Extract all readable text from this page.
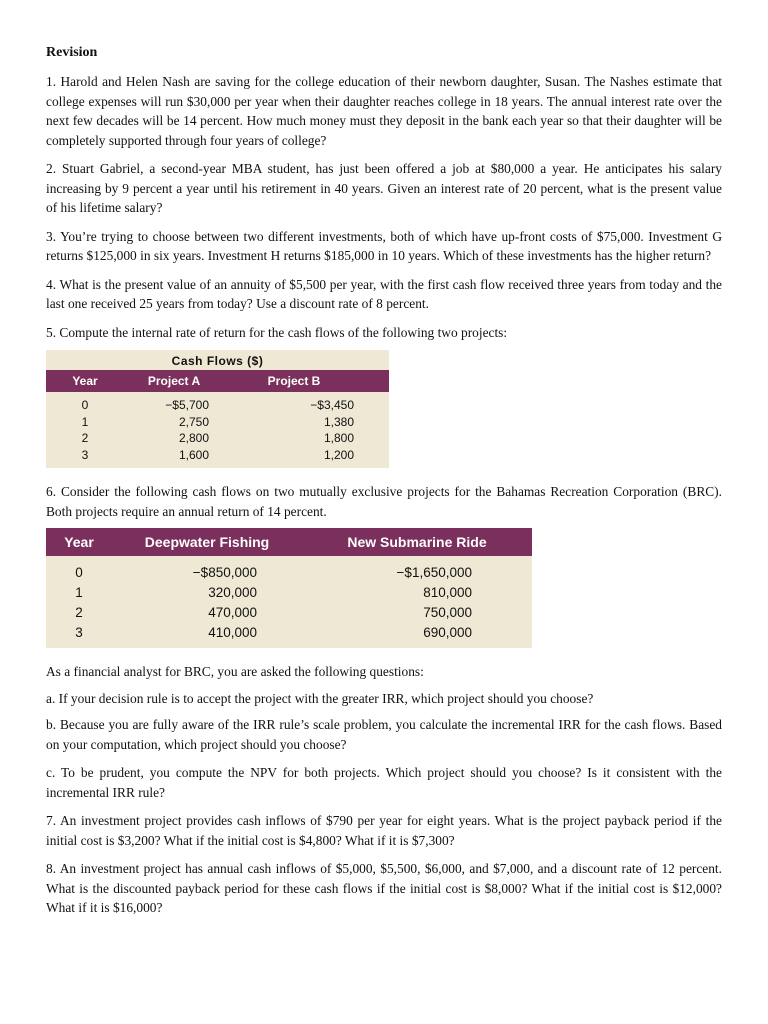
Revision

1. Harold and Helen Nash are saving for the college education of their newborn daughter, Susan. The Nashes estimate that college expenses will run $30,000 per year when their daughter reaches college in 18 years. The annual interest rate over the next few decades will be 14 percent. How much money must they deposit in the bank each year so that their daughter will be completely supported through four years of college?

2. Stuart Gabriel, a second-year MBA student, has just been offered a job at $80,000 a year. He anticipates his salary increasing by 9 percent a year until his retirement in 40 years. Given an interest rate of 20 percent, what is the present value of his lifetime salary?

3. You’re trying to choose between two different investments, both of which have up-front costs of $75,000. Investment G returns $125,000 in six years. Investment H returns $185,000 in 10 years. Which of these investments has the higher return?

4. What is the present value of an annuity of $5,500 per year, with the first cash flow received three years from today and the last one received 25 years from today? Use a discount rate of 8 percent.

5. Compute the internal rate of return for the cash flows of the following two projects:

Cash Flows ($)
Year	Project A	Project B
0	−$5,700	−$3,450
1	2,750	1,380
2	2,800	1,800
3	1,600	1,200

6. Consider the following cash flows on two mutually exclusive projects for the Bahamas Recreation Corporation (BRC). Both projects require an annual return of 14 percent.

Year	Deepwater Fishing	New Submarine Ride
0	−$850,000	−$1,650,000
1	320,000	810,000
2	470,000	750,000
3	410,000	690,000

As a financial analyst for BRC, you are asked the following questions:

a. If your decision rule is to accept the project with the greater IRR, which project should you choose?

b. Because you are fully aware of the IRR rule’s scale problem, you calculate the incremental IRR for the cash flows. Based on your computation, which project should you choose?

c. To be prudent, you compute the NPV for both projects. Which project should you choose? Is it consistent with the incremental IRR rule?

7. An investment project provides cash inflows of $790 per year for eight years. What is the project payback period if the initial cost is $3,200? What if the initial cost is $4,800? What if it is $7,300?

8. An investment project has annual cash inflows of $5,000, $5,500, $6,000, and $7,000, and a discount rate of 12 percent. What is the discounted payback period for these cash flows if the initial cost is $8,000? What if the initial cost is $12,000? What if it is $16,000?
